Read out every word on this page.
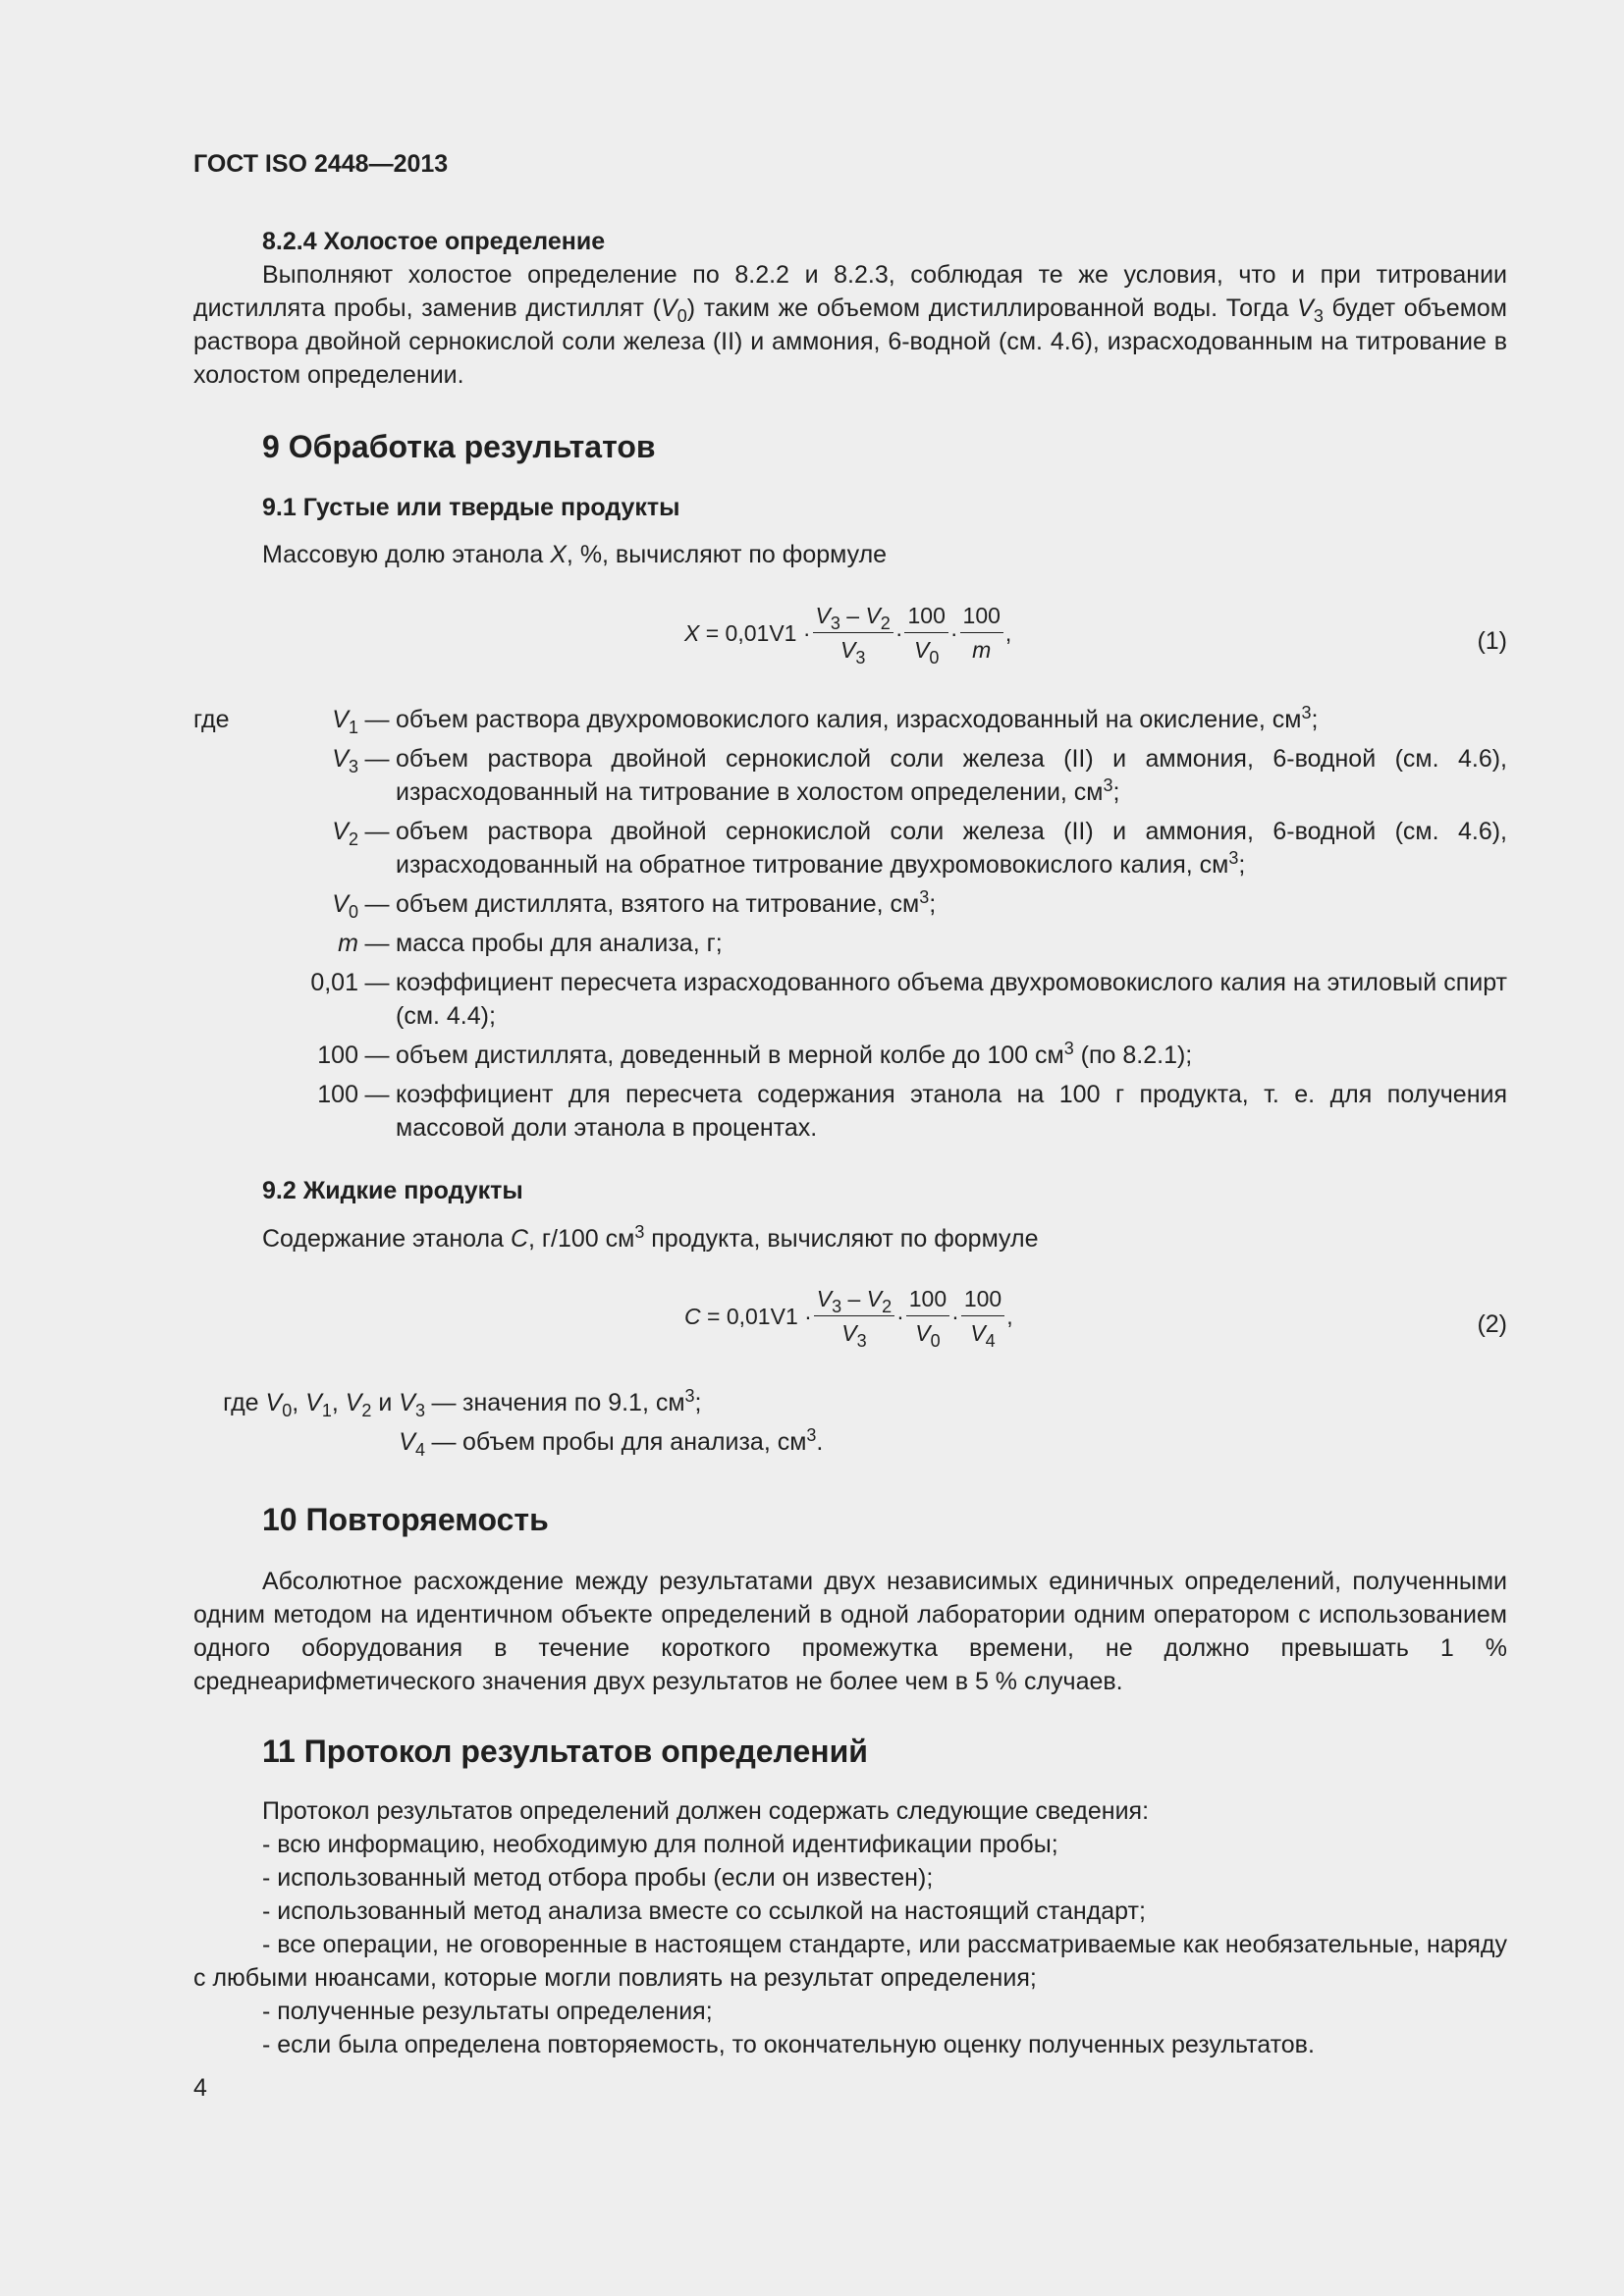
ГОСТ ISO 2448—2013
8.2.4 Холостое определение
Выполняют холостое определение по 8.2.2 и 8.2.3, соблюдая те же условия, что и при титровании дистиллята пробы, заменив дистиллят $(V_0)$ таким же объемом дистиллированной воды. Тогда $V_3$ будет объемом раствора двойной сернокислой соли железа (II) и аммония, 6-водной (см. 4.6), израсходованным на титрование в холостом определении.
9 Обработка результатов
9.1 Густые или твердые продукты
Массовую долю этанола X, %, вычисляют по формуле
$X = 0,01V1 \cdot \frac{V_3 - V_2}{V_3} \cdot \frac{100}{V_0} \cdot \frac{100}{m}$ ,	(1)
где	$V_1$ — объем раствора двухромовокислого калия, израсходованный на окисление, $см^3$;
$V_3$ — объем раствора двойной сернокислой соли железа (II) и аммония, 6-водной (см. 4.6), израсходованный на титрование в холостом определении, $см^3$;
$V_2$ — объем раствора двойной сернокислой соли железа (II) и аммония, 6-водной (см. 4.6), израсходованный на обратное титрование двухромовокислого калия, $см^3$;
$V_0$ — объем дистиллята, взятого на титрование, $см^3$;
m — масса пробы для анализа, г;
0,01 — коэффициент пересчета израсходованного объема двухромовокислого калия на этиловый спирт (см. 4.4);
100 — объем дистиллята, доведенный в мерной колбе до 100 $см^3$ (по 8.2.1);
100 — коэффициент для пересчета содержания этанола на 100 г продукта, т. е. для получения массовой доли этанола в процентах.
9.2 Жидкие продукты
Содержание этанола C, г/100 $см^3$ продукта, вычисляют по формуле
$C = 0,01V1 \cdot \frac{V_3 - V_2}{V_3} \cdot \frac{100}{V_0} \cdot \frac{100}{V_4}$ ,	(2)
где $V_0$, $V_1$, $V_2$ и $V_3$ — значения по 9.1, $см^3$;
$V_4$ — объем пробы для анализа, $см^3$.
10 Повторяемость
Абсолютное расхождение между результатами двух независимых единичных определений, полученными одним методом на идентичном объекте определений в одной лаборатории одним оператором с использованием одного оборудования в течение короткого промежутка времени, не должно превышать 1 % среднеарифметического значения двух результатов не более чем в 5 % случаев.
11 Протокол результатов определений
Протокол результатов определений должен содержать следующие сведения:
- всю информацию, необходимую для полной идентификации пробы;
- использованный метод отбора пробы (если он известен);
- использованный метод анализа вместе со ссылкой на настоящий стандарт;
- все операции, не оговоренные в настоящем стандарте, или рассматриваемые как необязательные, наряду с любыми нюансами, которые могли повлиять на результат определения;
- полученные результаты определения;
- если была определена повторяемость, то окончательную оценку полученных результатов.
4
